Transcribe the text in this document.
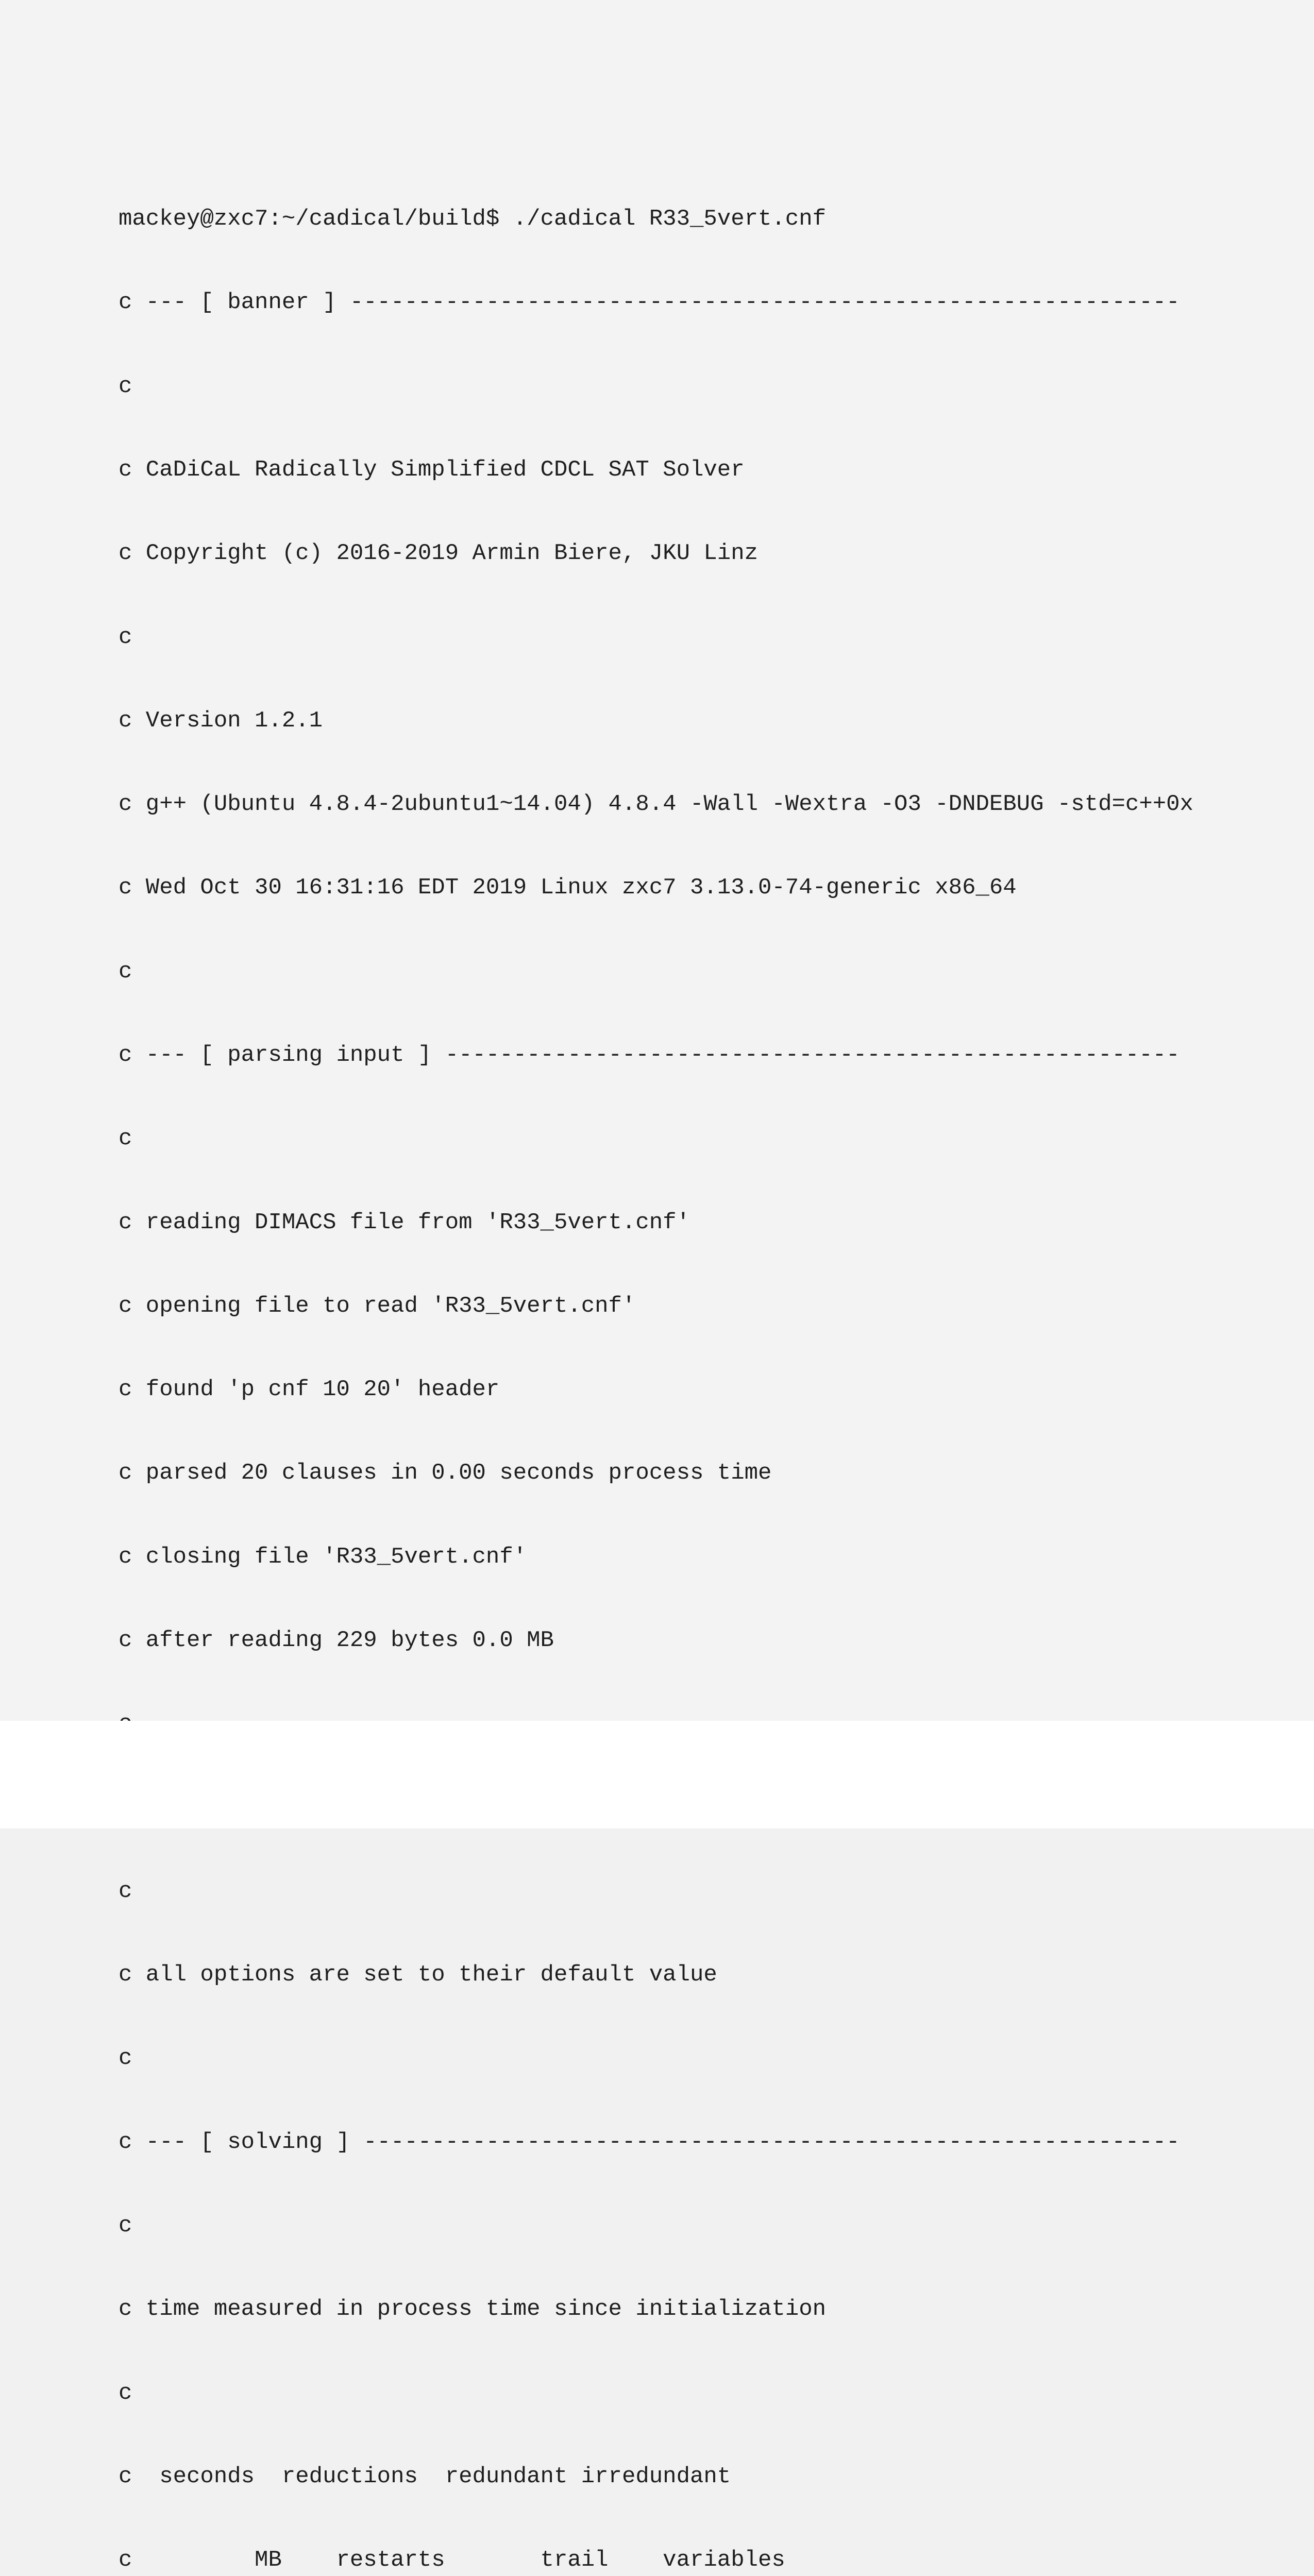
mackey@zxc7:~/cadical/build$ ./cadical R33_5vert.cnf

c --- [ banner ] -------------------------------------------------------------

c

c CaDiCaL Radically Simplified CDCL SAT Solver

c Copyright (c) 2016-2019 Armin Biere, JKU Linz

c

c Version 1.2.1

c g++ (Ubuntu 4.8.4-2ubuntu1~14.04) 4.8.4 -Wall -Wextra -O3 -DNDEBUG -std=c++0x

c Wed Oct 30 16:31:16 EDT 2019 Linux zxc7 3.13.0-74-generic x86_64

c

c --- [ parsing input ] ------------------------------------------------------

c

c reading DIMACS file from 'R33_5vert.cnf'

c opening file to read 'R33_5vert.cnf'

c found 'p cnf 10 20' header

c parsed 20 clauses in 0.00 seconds process time

c closing file 'R33_5vert.cnf'

c after reading 229 bytes 0.0 MB

c

c all options are set to their default value

c

c --- [ solving ] ------------------------------------------------------------

c

c time measured in process time since initialization

c

c  seconds  reductions  redundant irredundant

c         MB    restarts       trail    variables
